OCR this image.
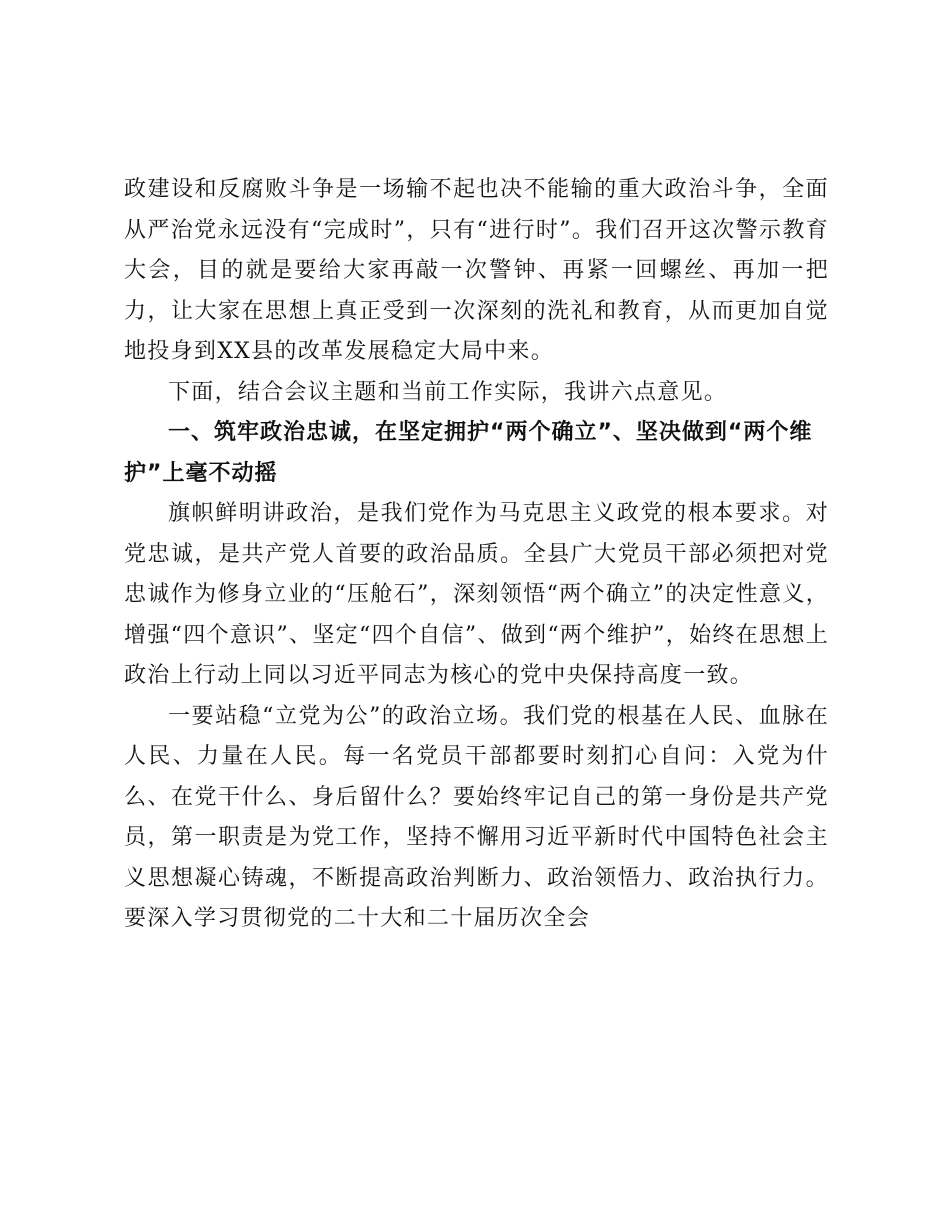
政建设和反腐败斗争是一场输不起也决不能输的重大政治斗争，全面从严治党永远没有“完成时”，只有“进行时”。我们召开这次警示教育大会，目的就是要给大家再敲一次警钟、再紧一回螺丝、再加一把力，让大家在思想上真正受到一次深刻的洗礼和教育，从而更加自觉地投身到XX县的改革发展稳定大局中来。

下面，结合会议主题和当前工作实际，我讲六点意见。

一、筑牢政治忠诚，在坚定拥护“两个确立”、坚决做到“两个维护”上毫不动摇

旗帜鲜明讲政治，是我们党作为马克思主义政党的根本要求。对党忠诚，是共产党人首要的政治品质。全县广大党员干部必须把对党忠诚作为修身立业的“压舱石”，深刻领悟“两个确立”的决定性意义，增强“四个意识”、坚定“四个自信”、做到“两个维护”，始终在思想上政治上行动上同以习近平同志为核心的党中央保持高度一致。

一要站稳“立党为公”的政治立场。我们党的根基在人民、血脉在人民、力量在人民。每一名党员干部都要时刻扪心自问：入党为什么、在党干什么、身后留什么？要始终牢记自己的第一身份是共产党员，第一职责是为党工作，坚持不懈用习近平新时代中国特色社会主义思想凝心铸魂，不断提高政治判断力、政治领悟力、政治执行力。要深入学习贯彻党的二十大和二十届历次全会
